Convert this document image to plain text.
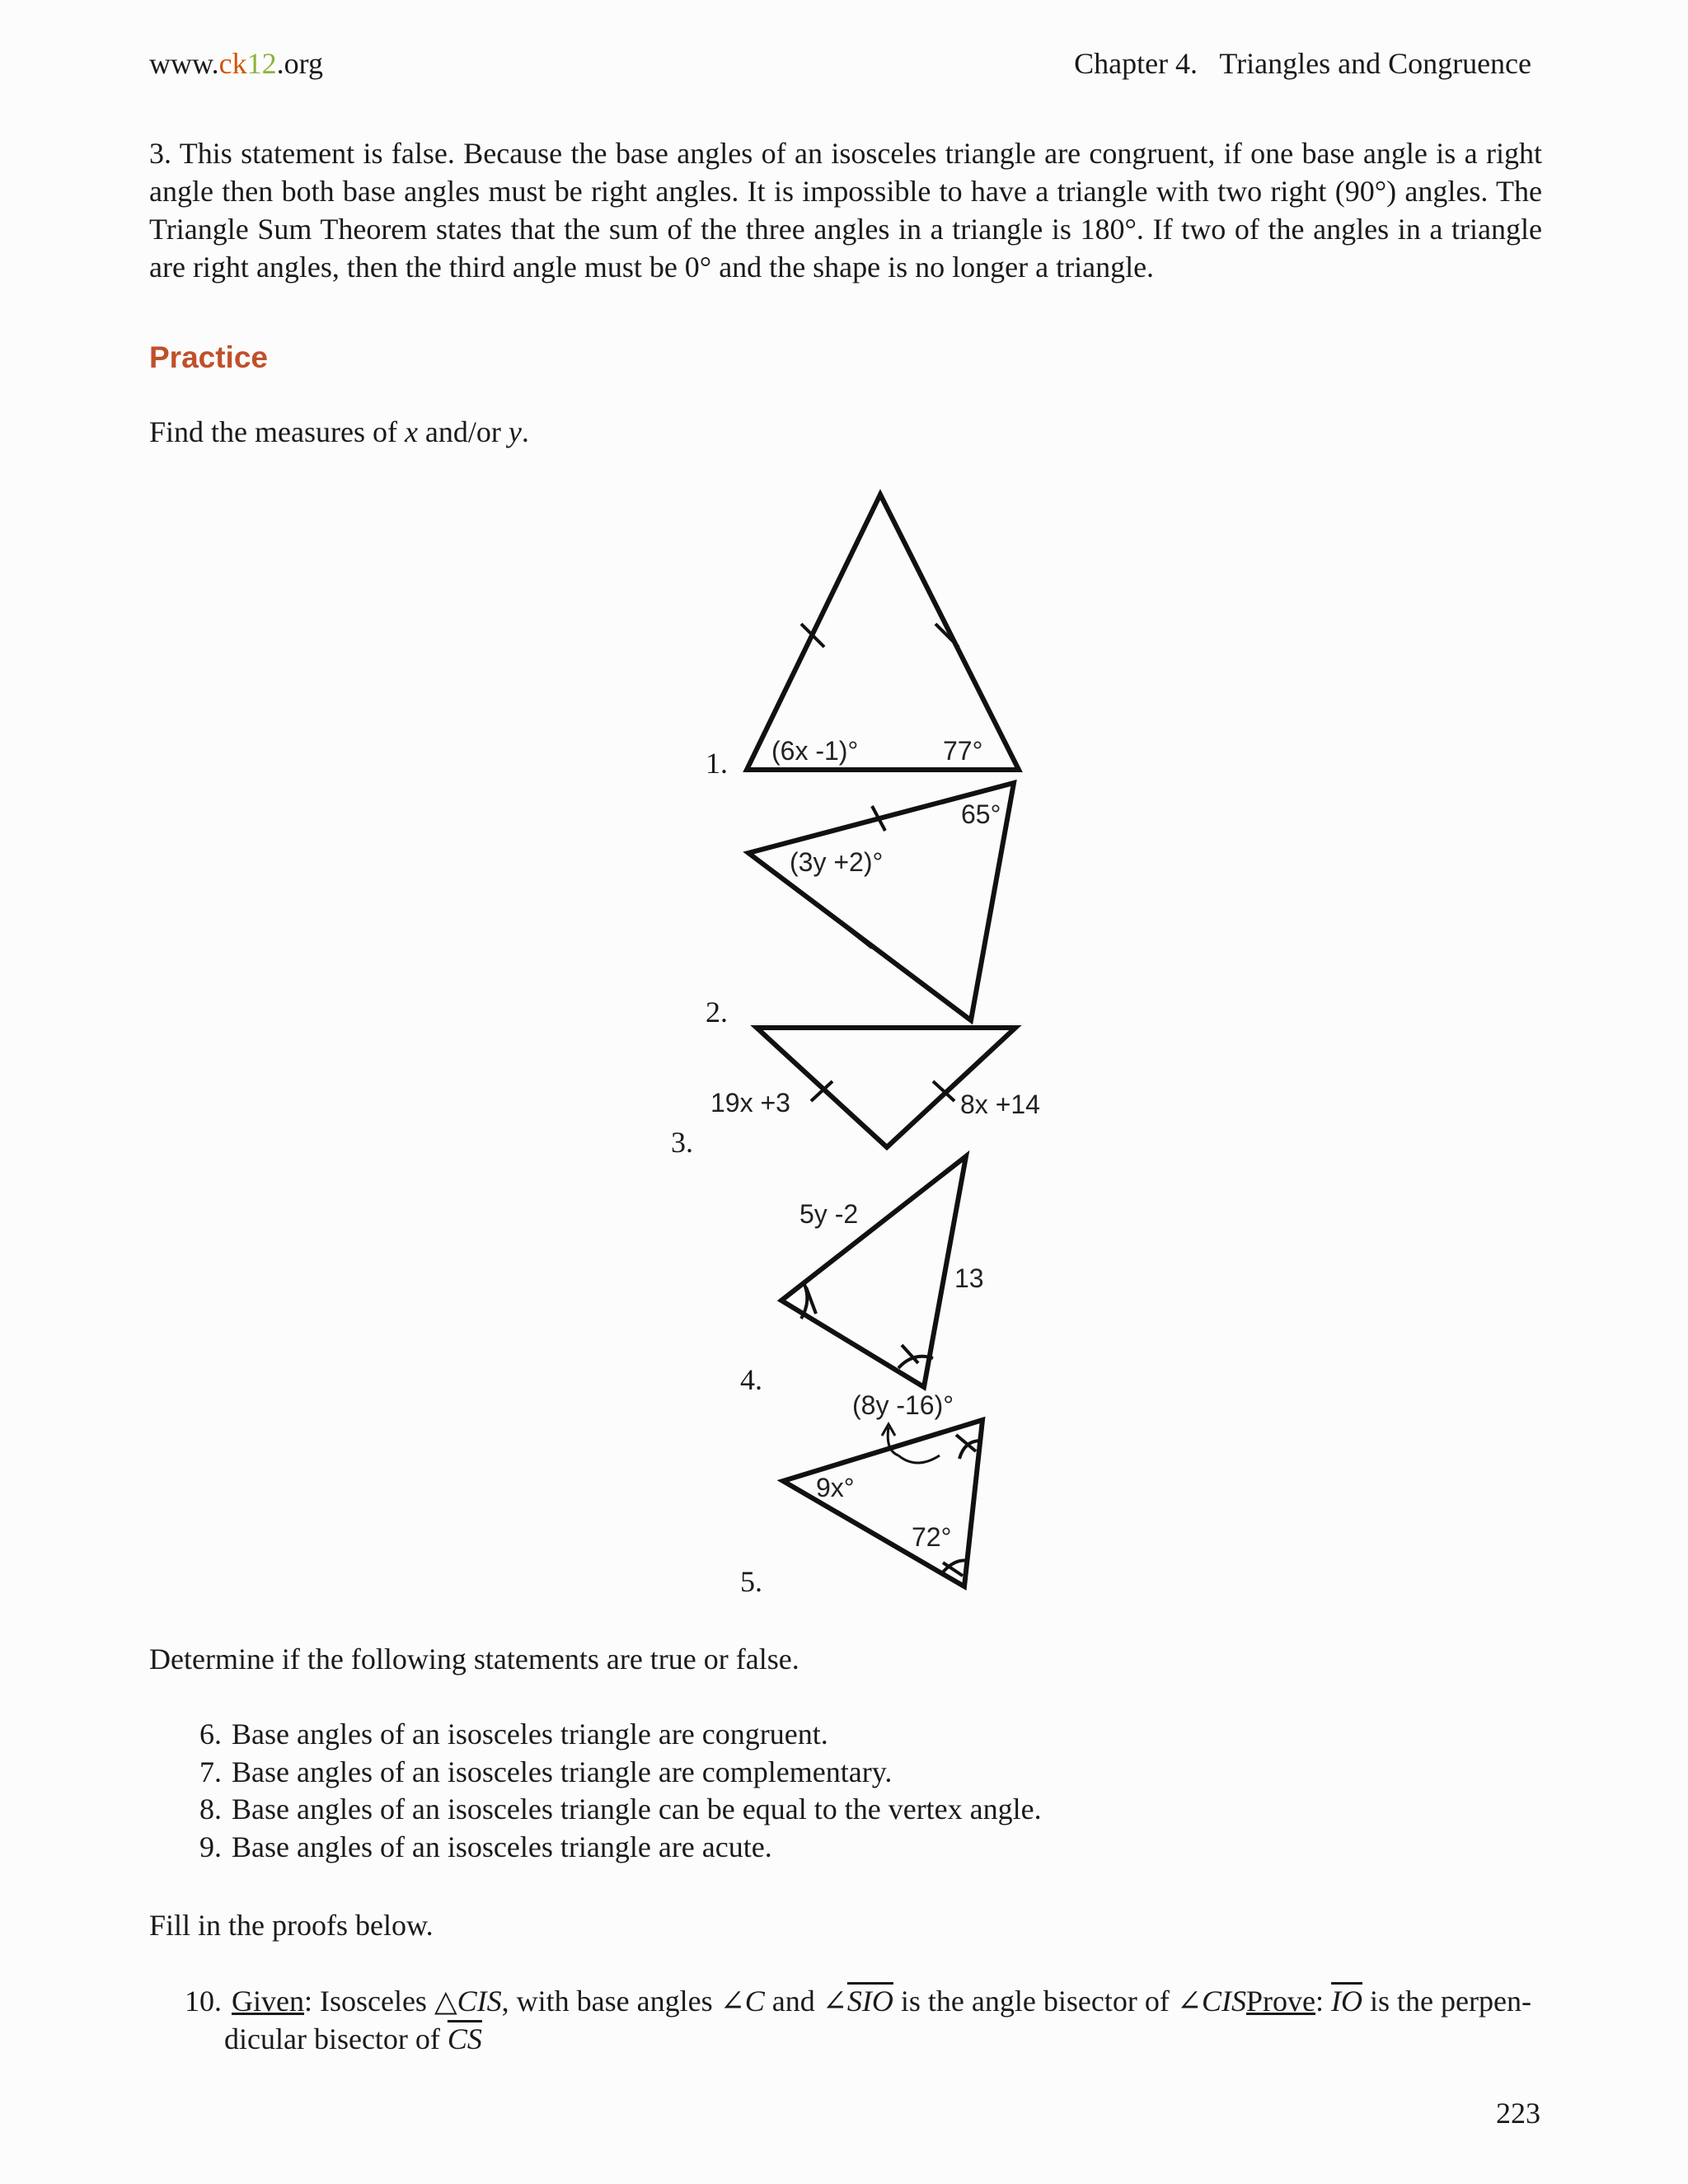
www.ck12.org	Chapter 4.   Triangles and Congruence
3. This statement is false. Because the base angles of an isosceles triangle are congruent, if one base angle is a right angle then both base angles must be right angles. It is impossible to have a triangle with two right (90°) angles. The Triangle Sum Theorem states that the sum of the three angles in a triangle is 180°. If two of the angles in a triangle are right angles, then the third angle must be 0° and the shape is no longer a triangle.
Practice
Find the measures of x and/or y.
(6x -1)°	77°
65°
(3y +2)°
19x +3	8x +14
5y -2
13
(8y -16)°
9x°
72°
1.
2.
3.
4.
5.
Determine if the following statements are true or false.
6. Base angles of an isosceles triangle are congruent.
7. Base angles of an isosceles triangle are complementary.
8. Base angles of an isosceles triangle can be equal to the vertex angle.
9. Base angles of an isosceles triangle are acute.
Fill in the proofs below.
10. Given: Isosceles △CIS, with base angles ∠C and $\angle\overline{SIO}$ is the angle bisector of ∠CISProve: $\overline{IO}$ is the perpen-
dicular bisector of $\overline{CS}$
223
